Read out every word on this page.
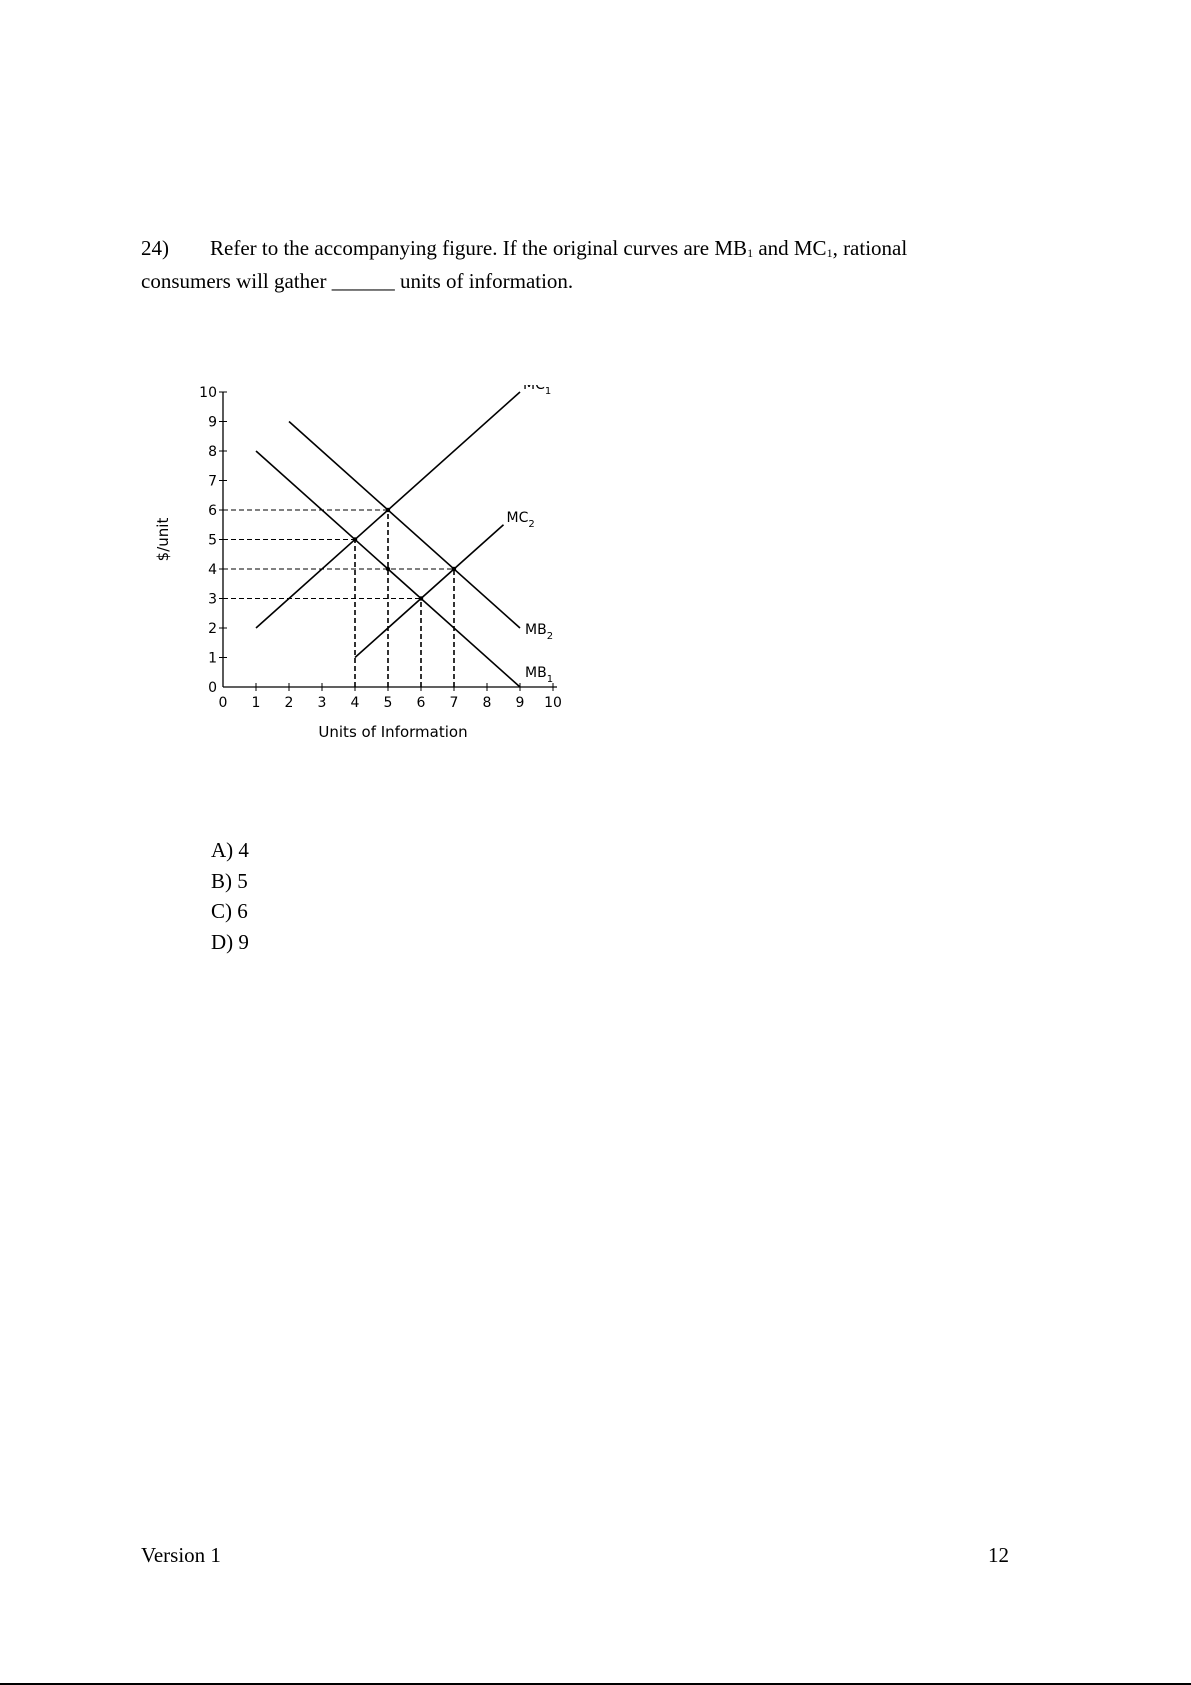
24) Refer to the accompanying figure. If the original curves are $MB_1$ and $MC_1$, rational
consumers will gather ______ units of information.
0 1 2 3 4 5 6 7 8 9 10
0
1
2
3
4
5
6
7
8
9
10
Units of Information
$/unit
$MC_1$
$MC_2$
$MB_2$
$MB_1$
A) 4
B) 5
C) 6
D) 9
Version 1	12
